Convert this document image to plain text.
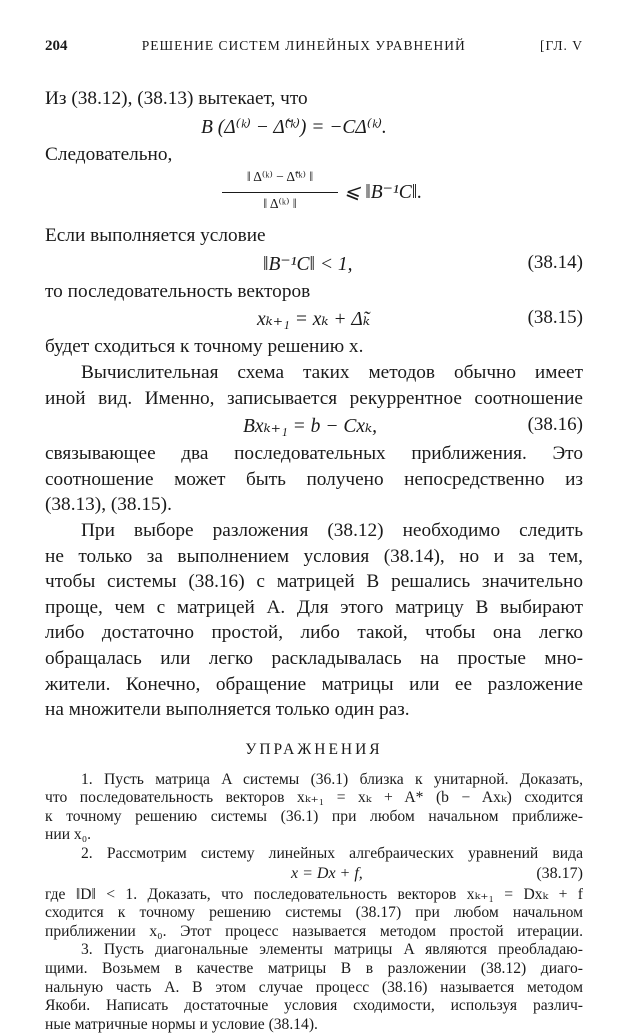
204	РЕШЕНИЕ СИСТЕМ ЛИНЕЙНЫХ УРАВНЕНИЙ	[ГЛ. V

Из (38.12), (38.13) вытекает, что

B (Δ⁽ᵏ⁾ − Δ̃⁽ᵏ⁾) = −CΔ⁽ᵏ⁾.

Следовательно,

‖ Δ⁽ᵏ⁾ − Δ̃⁽ᵏ⁾ ‖
‖ Δ⁽ᵏ⁾ ‖
⩽ ‖B⁻¹C‖.

Если выполняется условие

‖B⁻¹C‖ < 1,	(38.14)

то последовательность векторов

xₖ₊₁ = xₖ + Δ̃ₖ	(38.15)

будет сходиться к точному решению x.

Вычислительная схема таких методов обычно имеет

иной вид. Именно, записывается рекуррентное соотношение

Bxₖ₊₁ = b − Cxₖ,	(38.16)

связывающее два последовательных приближения. Это

соотношение может быть получено непосредственно из

(38.13), (38.15).

При выборе разложения (38.12) необходимо следить

не только за выполнением условия (38.14), но и за тем,

чтобы системы (38.16) с матрицей B решались значительно

проще, чем с матрицей A. Для этого матрицу B выбирают

либо достаточно простой, либо такой, чтобы она легко

обращалась или легко раскладывалась на простые мно-

жители. Конечно, обращение матрицы или ее разложение

на множители выполняется только один раз.

УПРАЖНЕНИЯ

1. Пусть матрица A системы (36.1) близка к унитарной. Доказать,

что последовательность векторов xₖ₊₁ = xₖ + A* (b − Axₖ) сходится

к точному решению системы (36.1) при любом начальном приближе-

нии x₀.

2. Рассмотрим систему линейных алгебраических уравнений вида

x = Dx + f,	(38.17)

где ‖D‖ < 1. Доказать, что последовательность векторов xₖ₊₁ = Dxₖ + f

сходится к точному решению системы (38.17) при любом начальном

приближении x₀. Этот процесс называется методом простой итерации.

3. Пусть диагональные элементы матрицы A являются преобладаю-

щими. Возьмем в качестве матрицы B в разложении (38.12) диаго-

нальную часть A. В этом случае процесс (38.16) называется методом

Якоби. Написать достаточные условия сходимости, используя различ-

ные матричные нормы и условие (38.14).
